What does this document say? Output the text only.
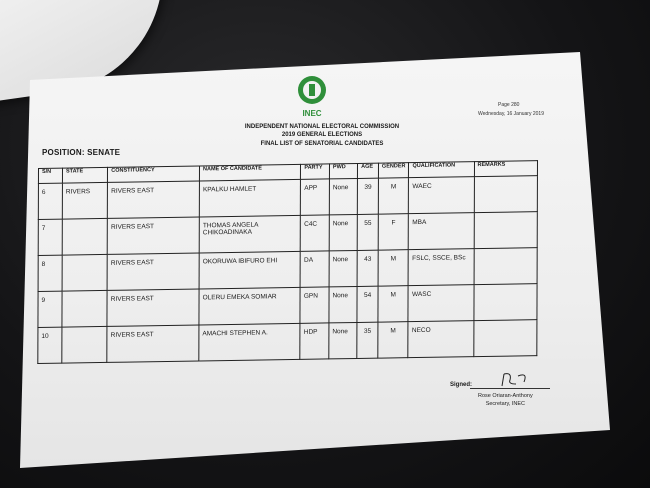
INEC
INDEPENDENT NATIONAL ELECTORAL COMMISSION
2019 GENERAL ELECTIONS
FINAL LIST OF SENATORIAL CANDIDATES
Page 280
Wednesday, 16 January 2019
POSITION: SENATE
S/N	STATE	CONSTITUENCY	NAME OF CANDIDATE	PARTY	PWD	AGE	GENDER	QUALIFICATION	REMARKS
6	RIVERS	RIVERS EAST	KPALKU HAMLET	APP	None	39	M	WAEC	
7		RIVERS EAST	THOMAS ANGELA CHIKOADINAKA	C4C	None	55	F	MBA	
8		RIVERS EAST	OKORUWA IBIFURO EHI	DA	None	43	M	FSLC, SSCE, BSc	
9		RIVERS EAST	OLERU EMEKA SOMIAR	GPN	None	54	M	WASC	
10		RIVERS EAST	AMACHI STEPHEN A.	HDP	None	35	M	NECO	
Signed:
Rose Oriaran-Anthony
Secretary, INEC
